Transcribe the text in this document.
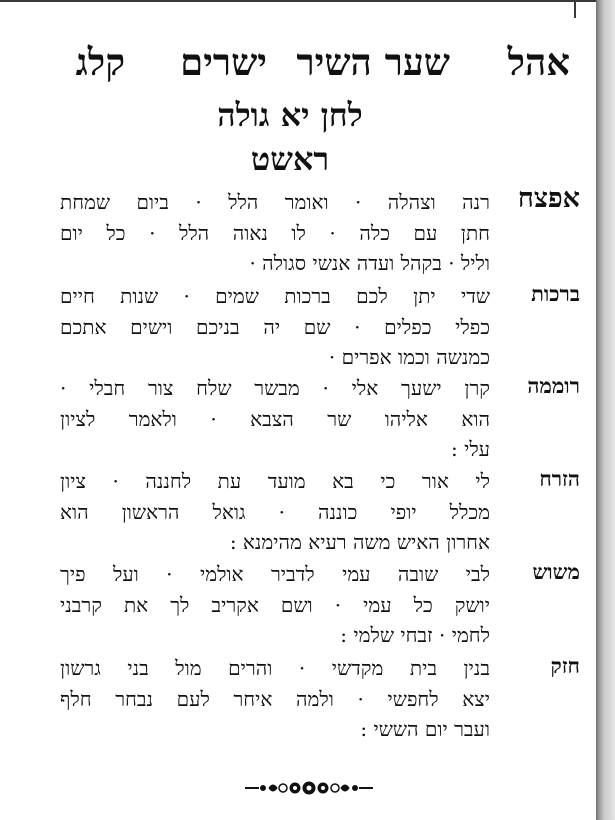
אהל
שער השיר
ישרים
קלג
לחן יא גולה
ראשט
אפצח
רנה וצהלה · ואומר הלל · ביום שמחת
חתן עם כלה · לו נאוה הלל · כל יום
וליל · בקהל ועדה אנשי סגולה ·
ברכות
שדי יתן לכם ברכות שמים · שנות חיים
כפלי כפלים · שם יה בניכם וישים אתכם
כמנשה וכמו אפרים ·
רוממה
קרן ישעך אלי · מבשר שלח צור חבלי ·
הוא אליהו שר הצבא · ולאמר לציון
עלי :
הזרח
לי אור כי בא מועד עת לחננה · ציון
מכלל יופי כוננה · גואל הראשון הוא
אחרון האיש משה רעיא מהימנא :
משוש
לבי שובה עמי לדביר אולמי · ועל פיך
יושק כל עמי · ושם אקריב לך את קרבני
לחמי · זבחי שלמי :
חזק
בנין בית מקדשי · והרים מול בני גרשון
יצא לחפשי · ולמה איחר לעם נבחר חלף
ועבר יום הששי :
